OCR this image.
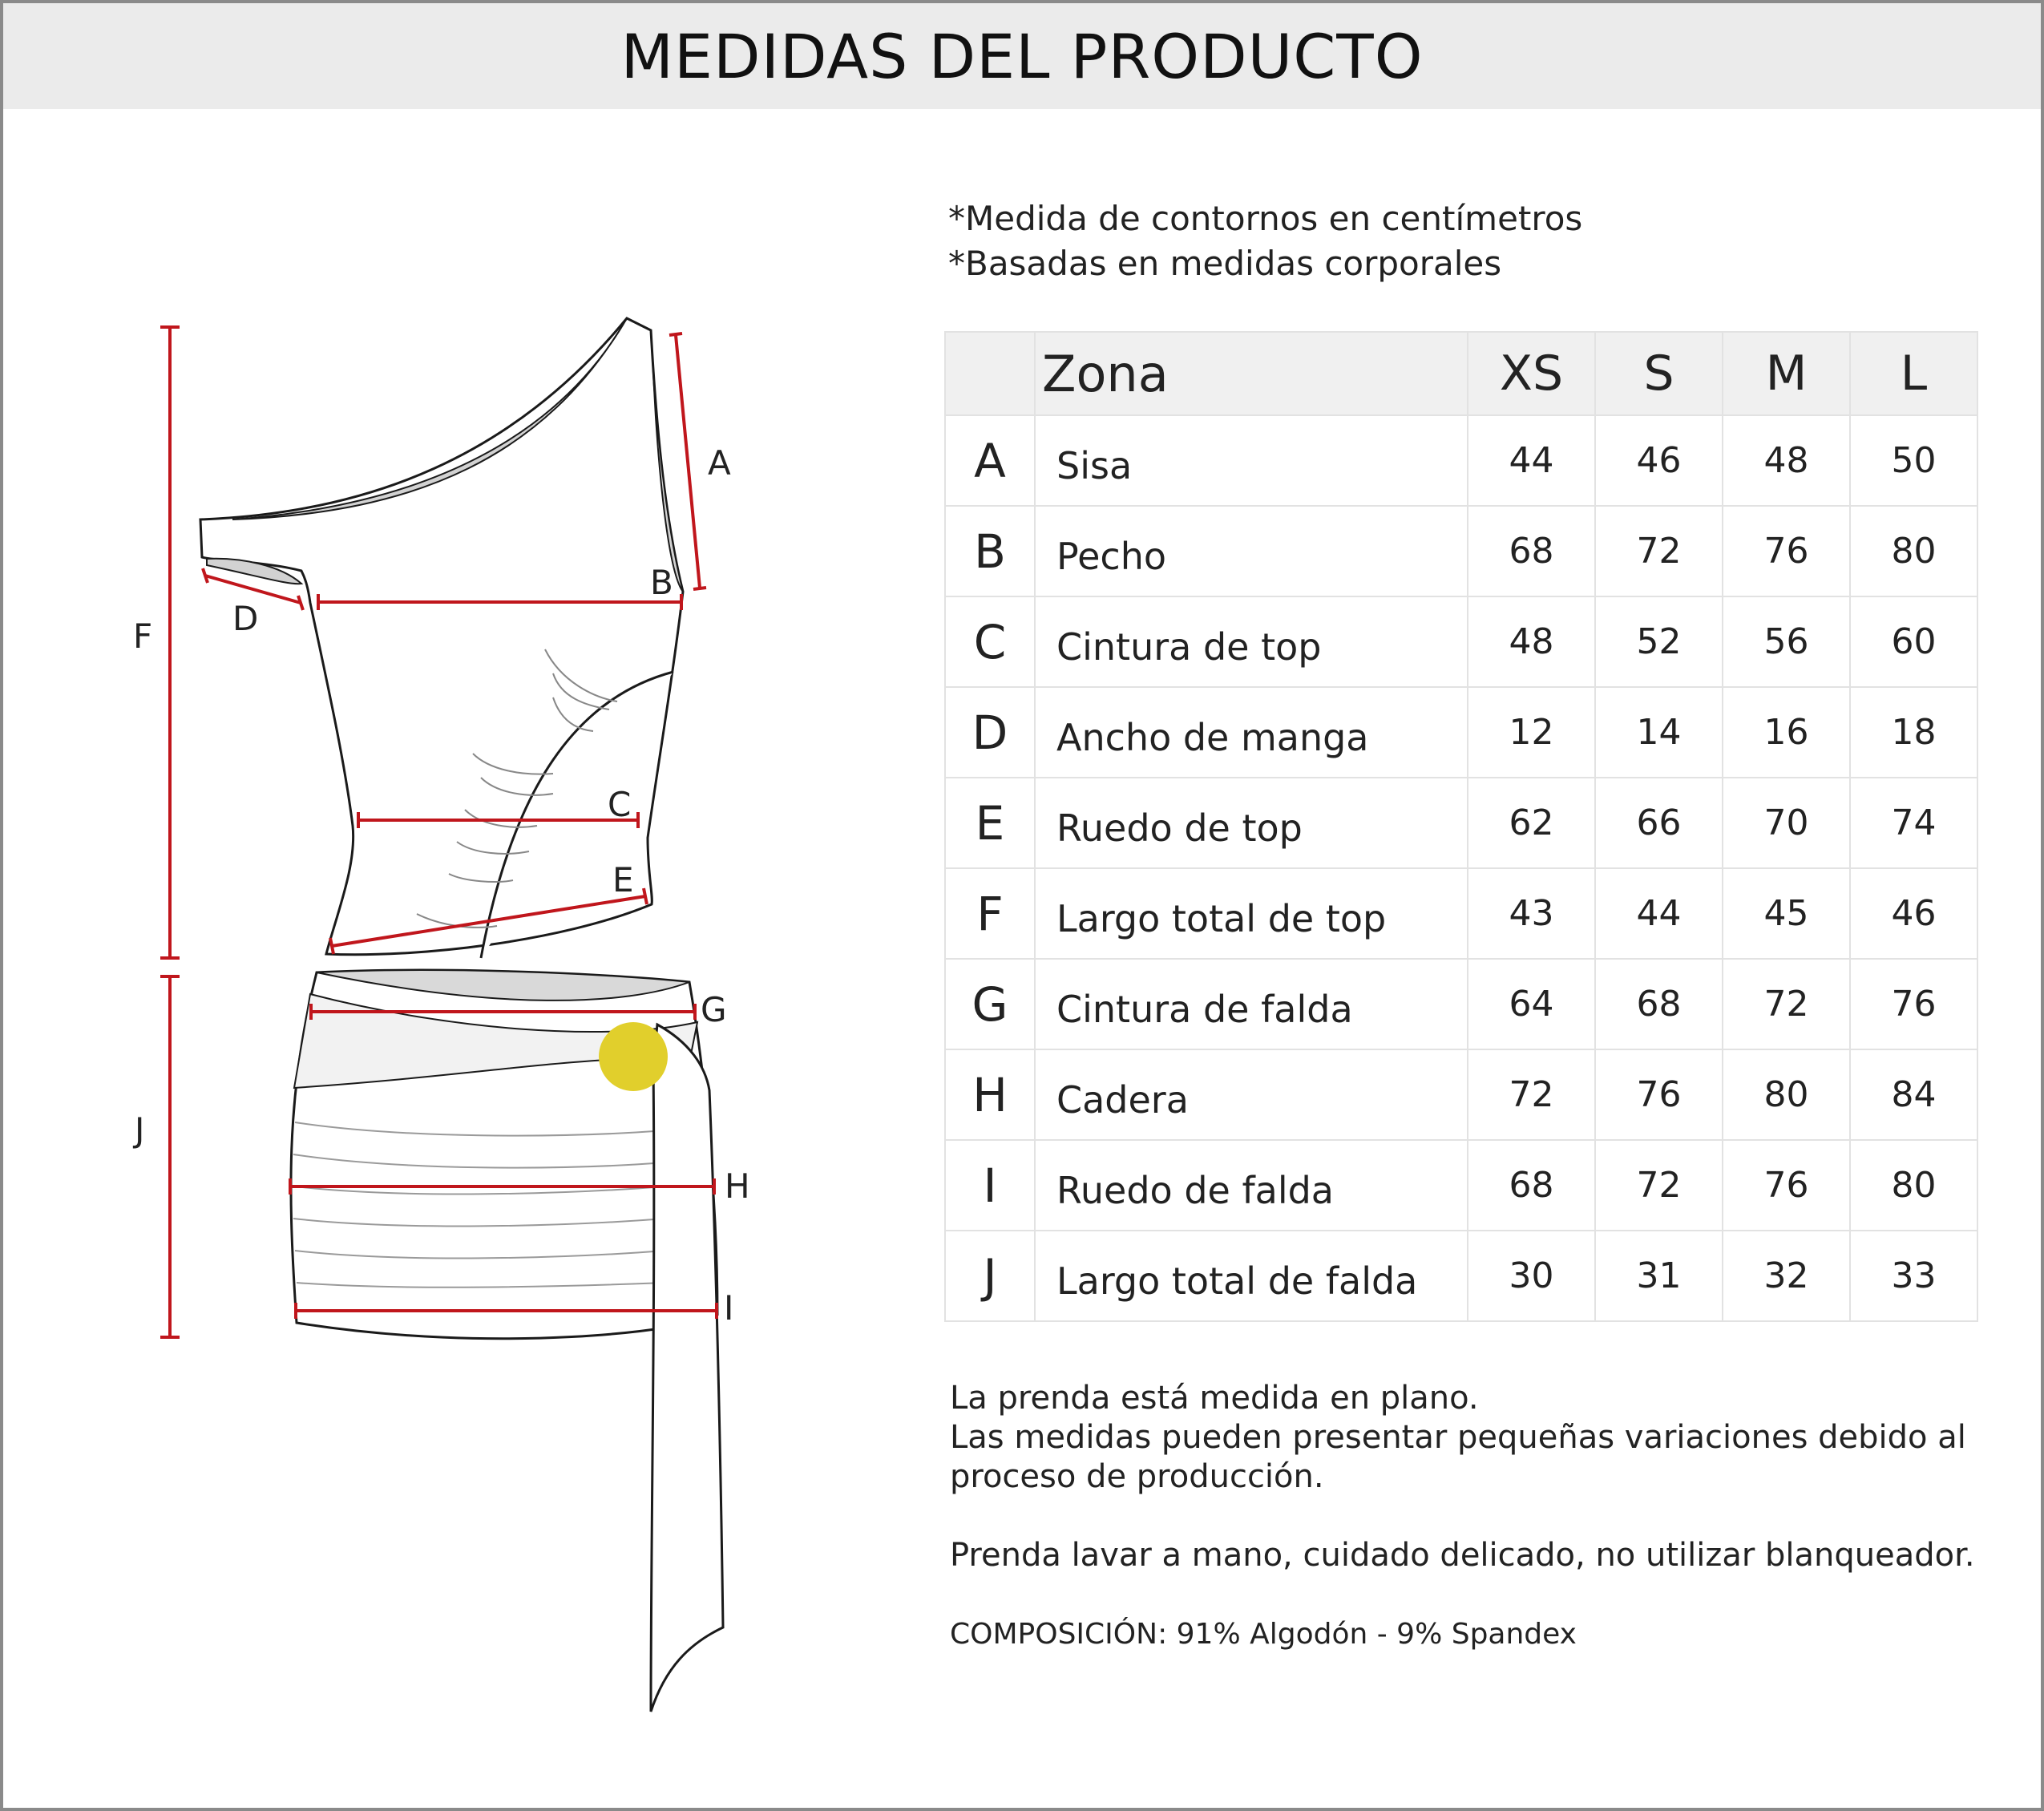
MEDIDAS DEL PRODUCTO
A
B
D
F
C
E
G
J
H
I
*Medida de contornos en centímetros
*Basadas en medidas corporales
	Zona	XS	S	M	L
A	Sisa	44	46	48	50
B	Pecho	68	72	76	80
C	Cintura de top	48	52	56	60
D	Ancho de manga	12	14	16	18
E	Ruedo de top	62	66	70	74
F	Largo total de top	43	44	45	46
G	Cintura de falda	64	68	72	76
H	Cadera	72	76	80	84
I	Ruedo de falda	68	72	76	80
J	Largo total de falda	30	31	32	33

La prenda está medida en plano.

Las medidas pueden presentar pequeñas variaciones debido al proceso de producción.

Prenda lavar a mano, cuidado delicado, no utilizar blanqueador.

COMPOSICIÓN: 91% Algodón - 9% Spandex
